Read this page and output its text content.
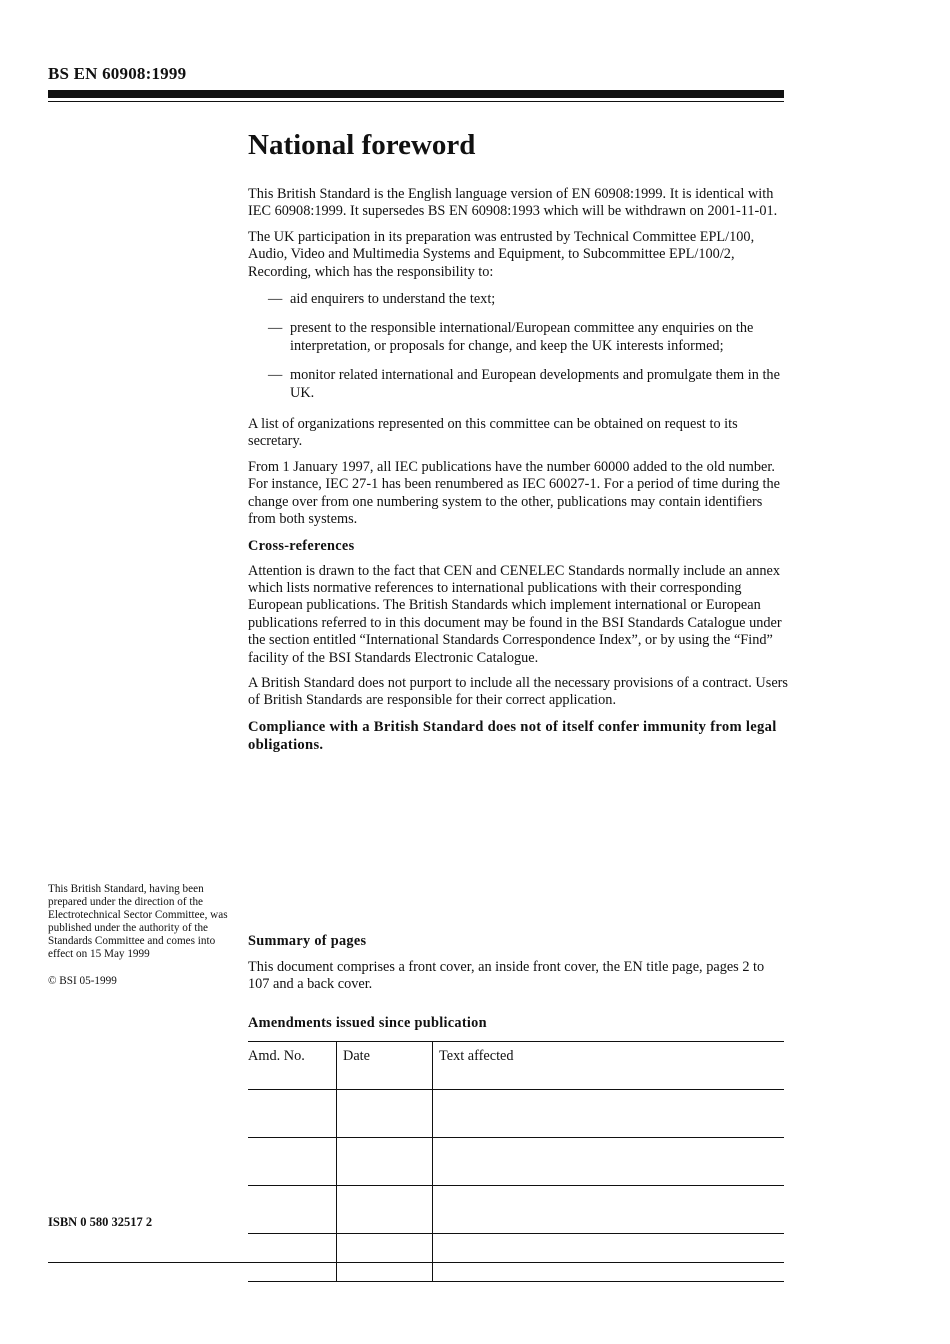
BS EN 60908:1999
National foreword

This British Standard is the English language version of EN 60908:1999. It is identical with IEC 60908:1999. It supersedes BS EN 60908:1993 which will be withdrawn on 2001-11-01.

The UK participation in its preparation was entrusted by Technical Committee EPL/100, Audio, Video and Multimedia Systems and Equipment, to Subcommittee EPL/100/2, Recording, which has the responsibility to:

— aid enquirers to understand the text;
— present to the responsible international/European committee any enquiries on the interpretation, or proposals for change, and keep the UK interests informed;
— monitor related international and European developments and promulgate them in the UK.

A list of organizations represented on this committee can be obtained on request to its secretary.

From 1 January 1997, all IEC publications have the number 60000 added to the old number. For instance, IEC 27-1 has been renumbered as IEC 60027-1. For a period of time during the change over from one numbering system to the other, publications may contain identifiers from both systems.

Cross-references

Attention is drawn to the fact that CEN and CENELEC Standards normally include an annex which lists normative references to international publications with their corresponding European publications. The British Standards which implement international or European publications referred to in this document may be found in the BSI Standards Catalogue under the section entitled “International Standards Correspondence Index”, or by using the “Find” facility of the BSI Standards Electronic Catalogue.

A British Standard does not purport to include all the necessary provisions of a contract. Users of British Standards are responsible for their correct application.

Compliance with a British Standard does not of itself confer immunity from legal obligations.

This British Standard, having been prepared under the direction of the Electrotechnical Sector Committee, was published under the authority of the Standards Committee and comes into effect on 15 May 1999

© BSI 05-1999

ISBN 0 580 32517 2
Summary of pages

This document comprises a front cover, an inside front cover, the EN title page, pages 2 to 107 and a back cover.

Amendments issued since publication
Amd. No.	Date	Text affected
